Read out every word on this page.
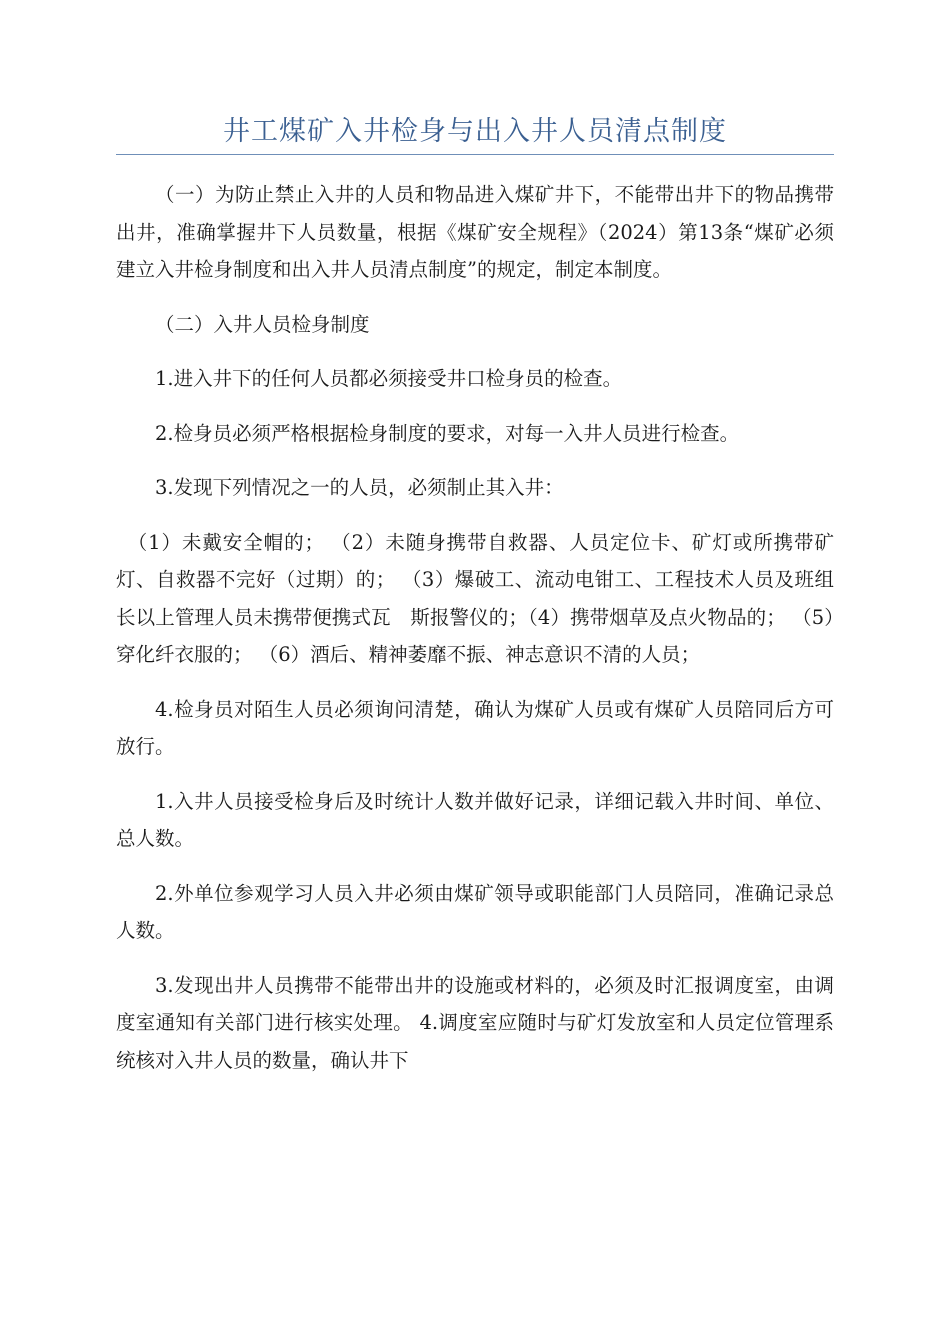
井工煤矿入井检身与出入井人员清点制度

（一）为防止禁止入井的人员和物品进入煤矿井下，不能带出井下的物品携带出井，准确掌握井下人员数量，根据《煤矿安全规程》（2024）第13条“煤矿必须建立入井检身制度和出入井人员清点制度”的规定，制定本制度。

（二）入井人员检身制度

1.进入井下的任何人员都必须接受井口检身员的检查。

2.检身员必须严格根据检身制度的要求，对每一入井人员进行检查。

3.发现下列情况之一的人员，必须制止其入井：

（1）未戴安全帽的； （2）未随身携带自救器、人员定位卡、矿灯或所携带矿灯、自救器不完好（过期）的； （3）爆破工、流动电钳工、工程技术人员及班组长以上管理人员未携带便携式瓦　斯报警仪的；（4）携带烟草及点火物品的； （5）穿化纤衣服的； （6）酒后、精神萎靡不振、神志意识不清的人员；

4.检身员对陌生人员必须询问清楚，确认为煤矿人员或有煤矿人员陪同后方可放行。

1.入井人员接受检身后及时统计人数并做好记录，详细记载入井时间、单位、总人数。

2.外单位参观学习人员入井必须由煤矿领导或职能部门人员陪同，准确记录总人数。

3.发现出井人员携带不能带出井的设施或材料的，必须及时汇报调度室，由调度室通知有关部门进行核实处理。 4.调度室应随时与矿灯发放室和人员定位管理系统核对入井人员的数量，确认井下
